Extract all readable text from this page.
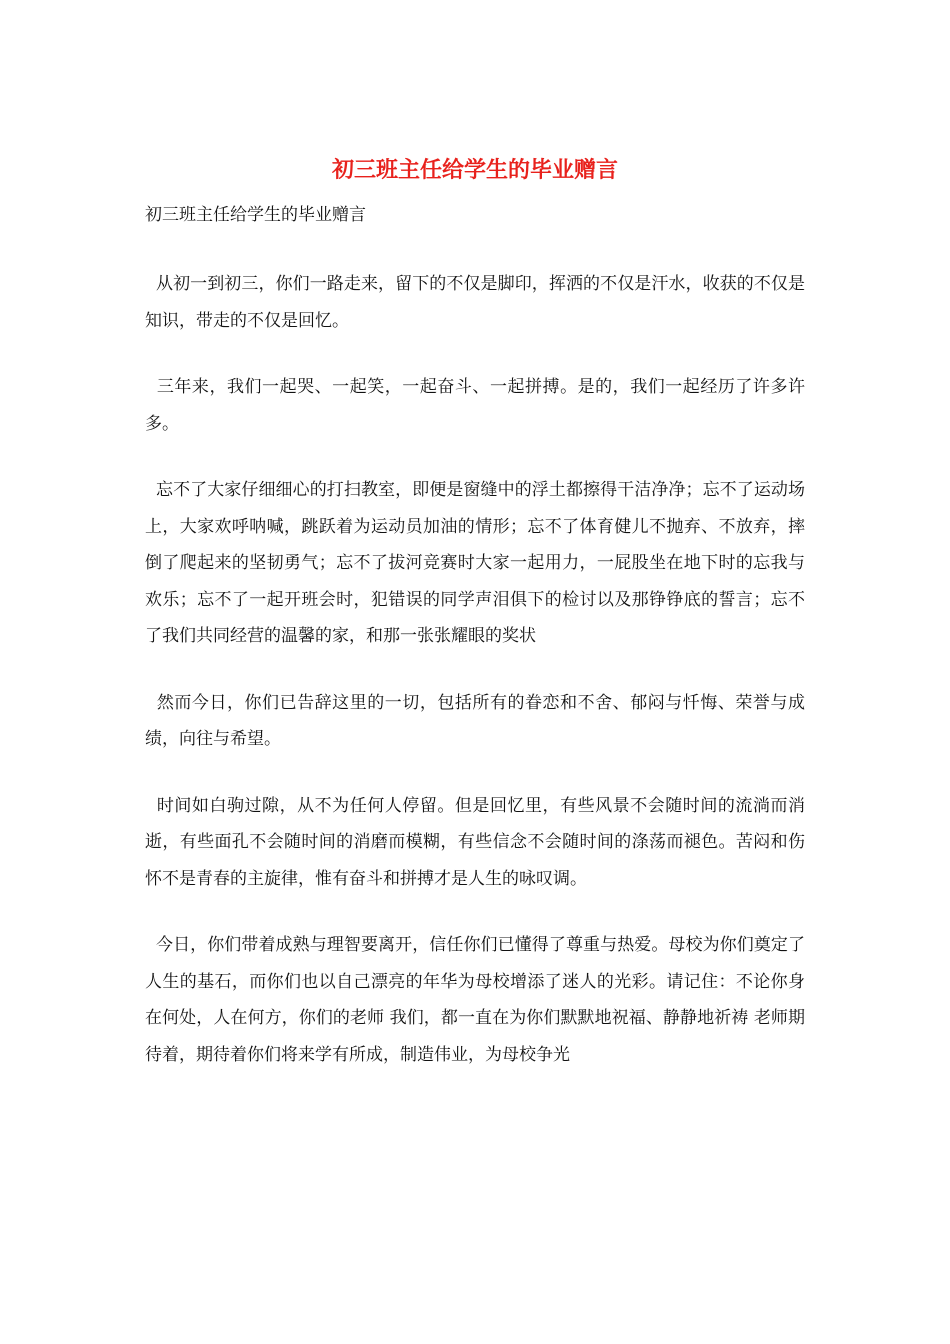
初三班主任给学生的毕业赠言

初三班主任给学生的毕业赠言

从初一到初三，你们一路走来，留下的不仅是脚印，挥洒的不仅是汗水，收获的不仅是知识，带走的不仅是回忆。

三年来，我们一起哭、一起笑，一起奋斗、一起拼搏。是的，我们一起经历了许多许多。

忘不了大家仔细细心的打扫教室，即便是窗缝中的浮土都擦得干洁净净；忘不了运动场上，大家欢呼呐喊，跳跃着为运动员加油的情形；忘不了体育健儿不抛弃、不放弃，摔倒了爬起来的坚韧勇气；忘不了拔河竞赛时大家一起用力，一屁股坐在地下时的忘我与欢乐；忘不了一起开班会时，犯错误的同学声泪俱下的检讨以及那铮铮底的誓言；忘不了我们共同经营的温馨的家，和那一张张耀眼的奖状

然而今日，你们已告辞这里的一切，包括所有的眷恋和不舍、郁闷与忏悔、荣誉与成绩，向往与希望。

时间如白驹过隙，从不为任何人停留。但是回忆里，有些风景不会随时间的流淌而消逝，有些面孔不会随时间的消磨而模糊，有些信念不会随时间的涤荡而褪色。苦闷和伤怀不是青春的主旋律，惟有奋斗和拼搏才是人生的咏叹调。

今日，你们带着成熟与理智要离开，信任你们已懂得了尊重与热爱。母校为你们奠定了人生的基石，而你们也以自己漂亮的年华为母校增添了迷人的光彩。请记住：不论你身在何处，人在何方，你们的老师 我们，都一直在为你们默默地祝福、静静地祈祷 老师期待着，期待着你们将来学有所成，制造伟业，为母校争光
